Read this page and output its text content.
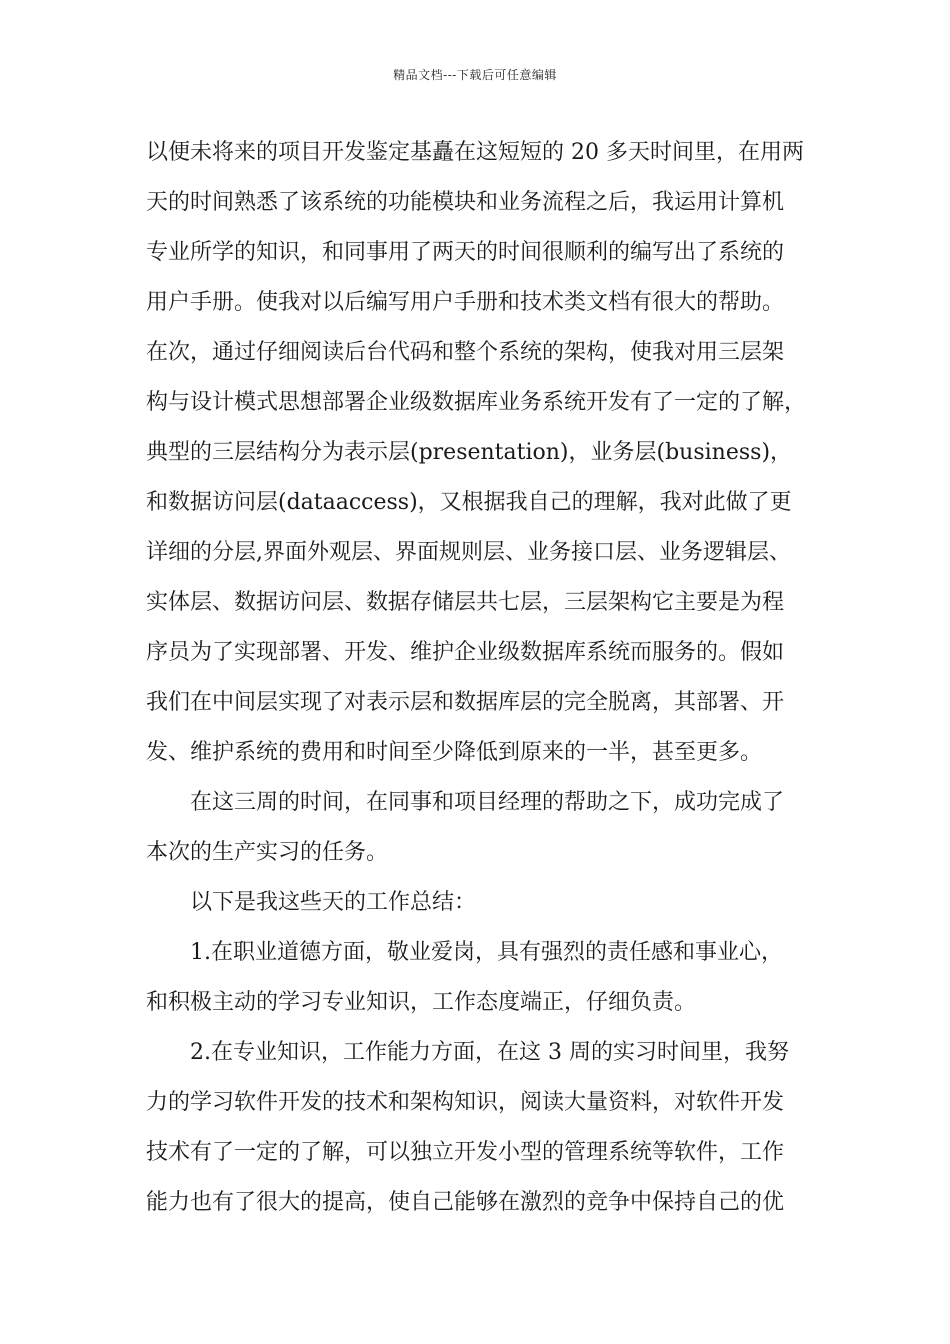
精品文档---下载后可任意编辑
以便未将来的项目开发鉴定基矗在这短短的 20 多天时间里，在用两
天的时间熟悉了该系统的功能模块和业务流程之后，我运用计算机
专业所学的知识，和同事用了两天的时间很顺利的编写出了系统的
用户手册。使我对以后编写用户手册和技术类文档有很大的帮助。
在次，通过仔细阅读后台代码和整个系统的架构，使我对用三层架
构与设计模式思想部署企业级数据库业务系统开发有了一定的了解，
典型的三层结构分为表示层(presentation)，业务层(business)，
和数据访问层(dataaccess)，又根据我自己的理解，我对此做了更
详细的分层,界面外观层、界面规则层、业务接口层、业务逻辑层、
实体层、数据访问层、数据存储层共七层，三层架构它主要是为程
序员为了实现部署、开发、维护企业级数据库系统而服务的。假如
我们在中间层实现了对表示层和数据库层的完全脱离，其部署、开
发、维护系统的费用和时间至少降低到原来的一半，甚至更多。
在这三周的时间，在同事和项目经理的帮助之下，成功完成了
本次的生产实习的任务。
以下是我这些天的工作总结：
1.在职业道德方面，敬业爱岗，具有强烈的责任感和事业心，
和积极主动的学习专业知识，工作态度端正，仔细负责。
2.在专业知识，工作能力方面，在这 3 周的实习时间里，我努
力的学习软件开发的技术和架构知识，阅读大量资料，对软件开发
技术有了一定的了解，可以独立开发小型的管理系统等软件，工作
能力也有了很大的提高，使自己能够在激烈的竞争中保持自己的优
